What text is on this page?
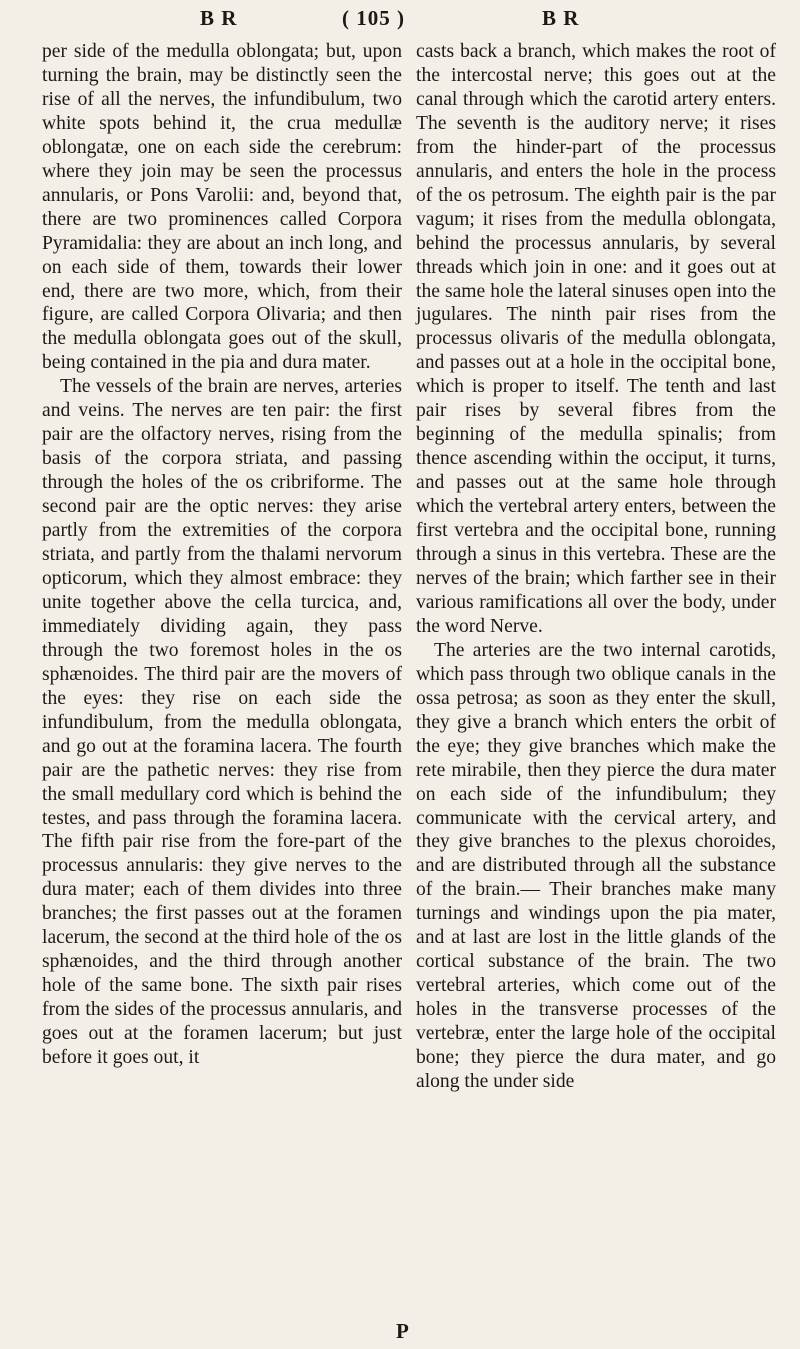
B R	( 105 )	B R

per side of the medulla oblongata; but, upon turning the brain, may be distinctly seen the rise of all the nerves, the infundibulum, two white spots behind it, the crua medullæ oblongatæ, one on each side the cerebrum: where they join may be seen the processus annularis, or Pons Varolii: and, beyond that, there are two prominences called Corpora Pyramidalia: they are about an inch long, and on each side of them, towards their lower end, there are two more, which, from their figure, are called Corpora Olivaria; and then the medulla oblongata goes out of the skull, being contained in the pia and dura mater.

The vessels of the brain are nerves, arteries and veins. The nerves are ten pair: the first pair are the olfactory nerves, rising from the basis of the corpora striata, and passing through the holes of the os cribriforme. The second pair are the optic nerves: they arise partly from the extremities of the corpora striata, and partly from the thalami nervorum opticorum, which they almost embrace: they unite together above the cella turcica, and, immediately dividing again, they pass through the two foremost holes in the os sphænoides. The third pair are the movers of the eyes: they rise on each side the infundibulum, from the medulla oblongata, and go out at the foramina lacera. The fourth pair are the pathetic nerves: they rise from the small medullary cord which is behind the testes, and pass through the foramina lacera. The fifth pair rise from the fore-part of the processus annularis: they give nerves to the dura mater; each of them divides into three branches; the first passes out at the foramen lacerum, the second at the third hole of the os sphænoides, and the third through another hole of the same bone. The sixth pair rises from the sides of the processus annularis, and goes out at the foramen lacerum; but just before it goes out, it

casts back a branch, which makes the root of the intercostal nerve; this goes out at the canal through which the carotid artery enters. The seventh is the auditory nerve; it rises from the hinder-part of the processus annularis, and enters the hole in the process of the os petrosum. The eighth pair is the par vagum; it rises from the medulla oblongata, behind the processus annularis, by several threads which join in one: and it goes out at the same hole the lateral sinuses open into the jugulares. The ninth pair rises from the processus olivaris of the medulla oblongata, and passes out at a hole in the occipital bone, which is proper to itself. The tenth and last pair rises by several fibres from the beginning of the medulla spinalis; from thence ascending within the occiput, it turns, and passes out at the same hole through which the vertebral artery enters, between the first vertebra and the occipital bone, running through a sinus in this vertebra. These are the nerves of the brain; which farther see in their various ramifications all over the body, under the word Nerve.

The arteries are the two internal carotids, which pass through two oblique canals in the ossa petrosa; as soon as they enter the skull, they give a branch which enters the orbit of the eye; they give branches which make the rete mirabile, then they pierce the dura mater on each side of the infundibulum; they communicate with the cervical artery, and they give branches to the plexus choroides, and are distributed through all the substance of the brain.— Their branches make many turnings and windings upon the pia mater, and at last are lost in the little glands of the cortical substance of the brain. The two vertebral arteries, which come out of the holes in the transverse processes of the vertebræ, enter the large hole of the occipital bone; they pierce the dura mater, and go along the under side

P
